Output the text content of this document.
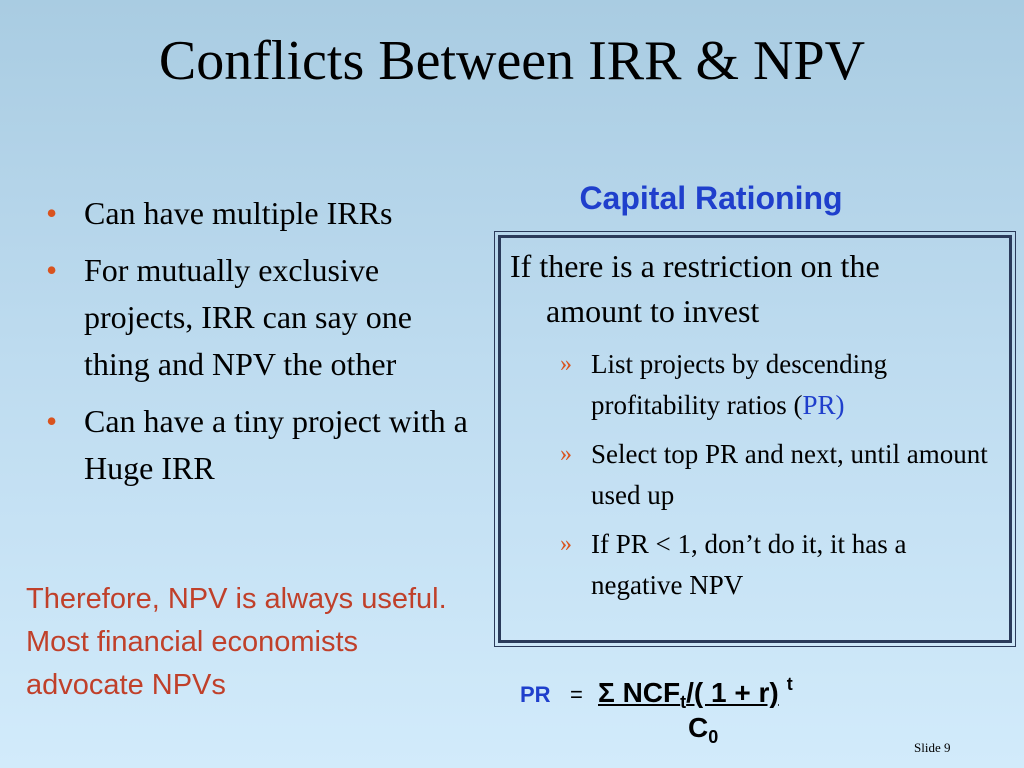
Conflicts Between IRR & NPV
• Can have multiple IRRs
• For mutually exclusive projects, IRR can say one thing and NPV the other
• Can have a tiny project with a Huge IRR
Therefore, NPV is always useful. Most financial economists advocate NPVs
Capital Rationing
If there is a restriction on the
amount to invest
» List projects by descending profitability ratios (PR)
» Select top PR and next, until amount used up
» If PR < 1, don’t do it, it has a negative NPV
PR = Σ $NCF_t/$( 1 + r) $^t$
$C_0$
Slide 9
